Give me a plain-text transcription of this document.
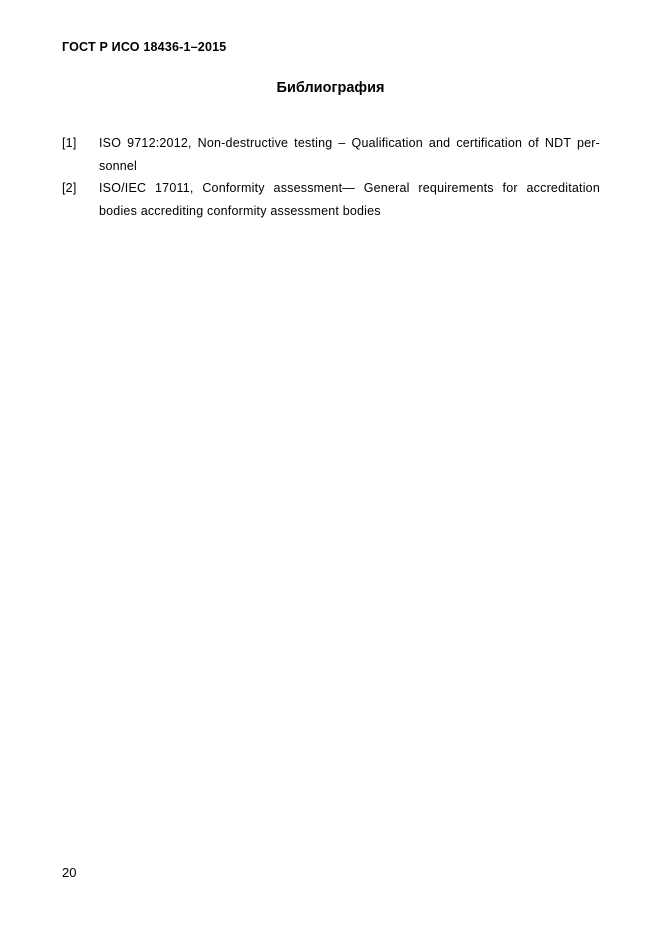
ГОСТ Р ИСО 18436-1–2015
Библиография
[1]	ISO 9712:2012, Non-destructive testing – Qualification and certification of NDT per-sonnel
[2]	ISO/IEC 17011, Conformity assessment— General requirements for accreditation bodies accrediting conformity assessment bodies
20
